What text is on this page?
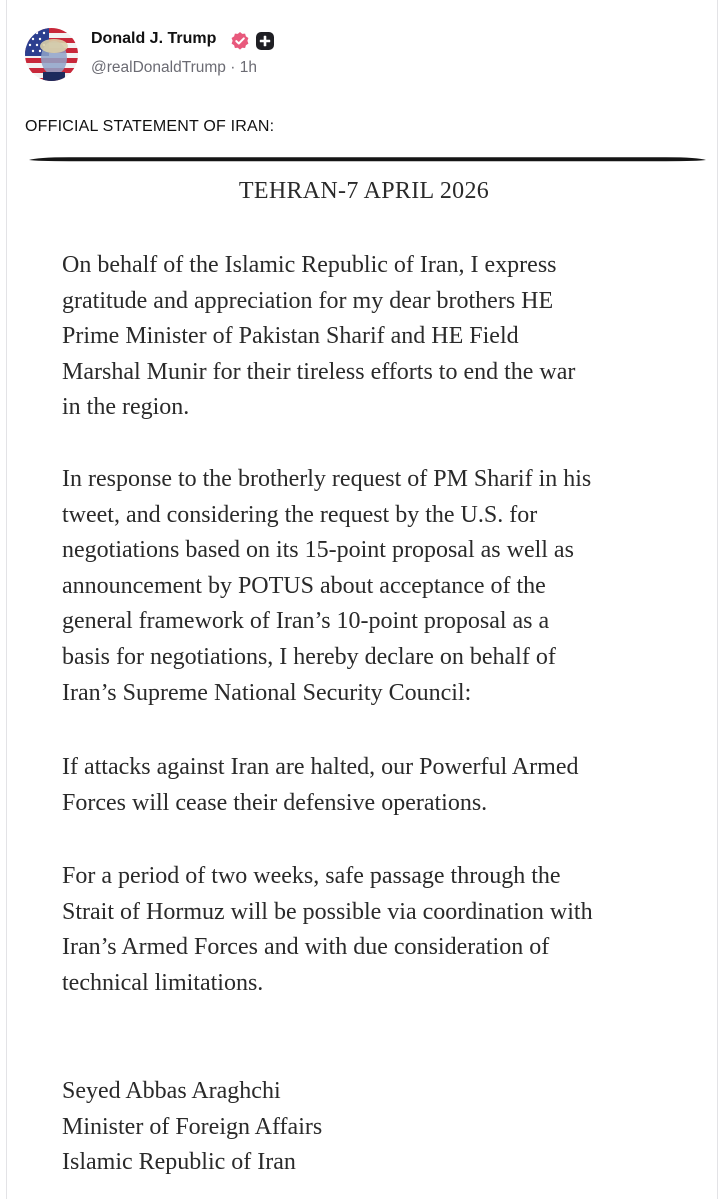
Donald J. Trump
@realDonaldTrump · 1h
OFFICIAL STATEMENT OF IRAN:
TEHRAN-7 APRIL 2026
On behalf of the Islamic Republic of Iran, I express
gratitude and appreciation for my dear brothers HE
Prime Minister of Pakistan Sharif and HE Field
Marshal Munir for their tireless efforts to end the war
in the region.
In response to the brotherly request of PM Sharif in his
tweet, and considering the request by the U.S. for
negotiations based on its 15-point proposal as well as
announcement by POTUS about acceptance of the
general framework of Iran’s 10-point proposal as a
basis for negotiations, I hereby declare on behalf of
Iran’s Supreme National Security Council:
If attacks against Iran are halted, our Powerful Armed
Forces will cease their defensive operations.
For a period of two weeks, safe passage through the
Strait of Hormuz will be possible via coordination with
Iran’s Armed Forces and with due consideration of
technical limitations.
Seyed Abbas Araghchi
Minister of Foreign Affairs
Islamic Republic of Iran
